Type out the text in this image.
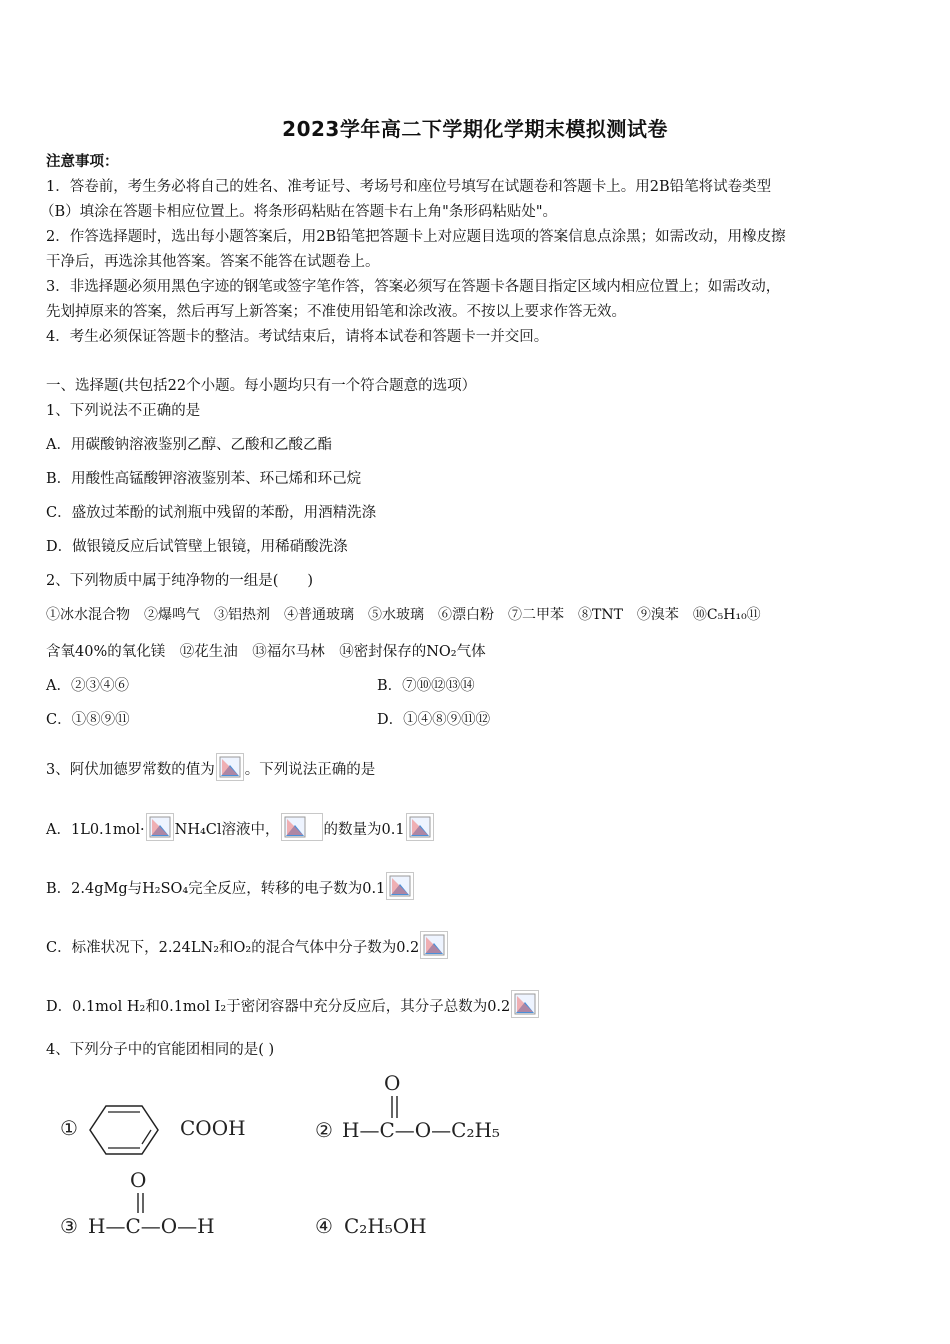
2023学年高二下学期化学期末模拟测试卷
注意事项：
1．答卷前，考生务必将自己的姓名、准考证号、考场号和座位号填写在试题卷和答题卡上。用2B铅笔将试卷类型
（B）填涂在答题卡相应位置上。将条形码粘贴在答题卡右上角"条形码粘贴处"。
2．作答选择题时，选出每小题答案后，用2B铅笔把答题卡上对应题目选项的答案信息点涂黑；如需改动，用橡皮擦
干净后，再选涂其他答案。答案不能答在试题卷上。
3．非选择题必须用黑色字迹的钢笔或签字笔作答，答案必须写在答题卡各题目指定区域内相应位置上；如需改动，
先划掉原来的答案，然后再写上新答案；不准使用铅笔和涂改液。不按以上要求作答无效。
4．考生必须保证答题卡的整洁。考试结束后，请将本试卷和答题卡一并交回。
一、选择题(共包括22个小题。每小题均只有一个符合题意的选项）
1、下列说法不正确的是
A．用碳酸钠溶液鉴别乙醇、乙酸和乙酸乙酯
B．用酸性高锰酸钾溶液鉴别苯、环己烯和环己烷
C．盛放过苯酚的试剂瓶中残留的苯酚，用酒精洗涤
D．做银镜反应后试管壁上银镜，用稀硝酸洗涤
2、下列物质中属于纯净物的一组是(　　)
①冰水混合物　②爆鸣气　③铝热剂　④普通玻璃　⑤水玻璃　⑥漂白粉　⑦二甲苯　⑧TNT　⑨溴苯　⑩C₅H₁₀⑪
含氧40%的氧化镁　⑫花生油　⑬福尔马林　⑭密封保存的NO₂气体
A．②③④⑥	B．⑦⑩⑫⑬⑭
C．①⑧⑨⑪	D．①④⑧⑨⑪⑫
3、阿伏加德罗常数的值为 。下列说法正确的是
A．1L0.1mol· NH₄Cl溶液中，	的数量为0.1
B．2.4gMg与H₂SO₄完全反应，转移的电子数为0.1
C．标准状况下，2.24LN₂和O₂的混合气体中分子数为0.2
D．0.1mol H₂和0.1mol I₂于密闭容器中充分反应后，其分子总数为0.2
4、下列分子中的官能团相同的是( )
①	COOH
O
② H—C—O—C₂H₅
O
③ H—C—O—H	④ C₂H₅OH
